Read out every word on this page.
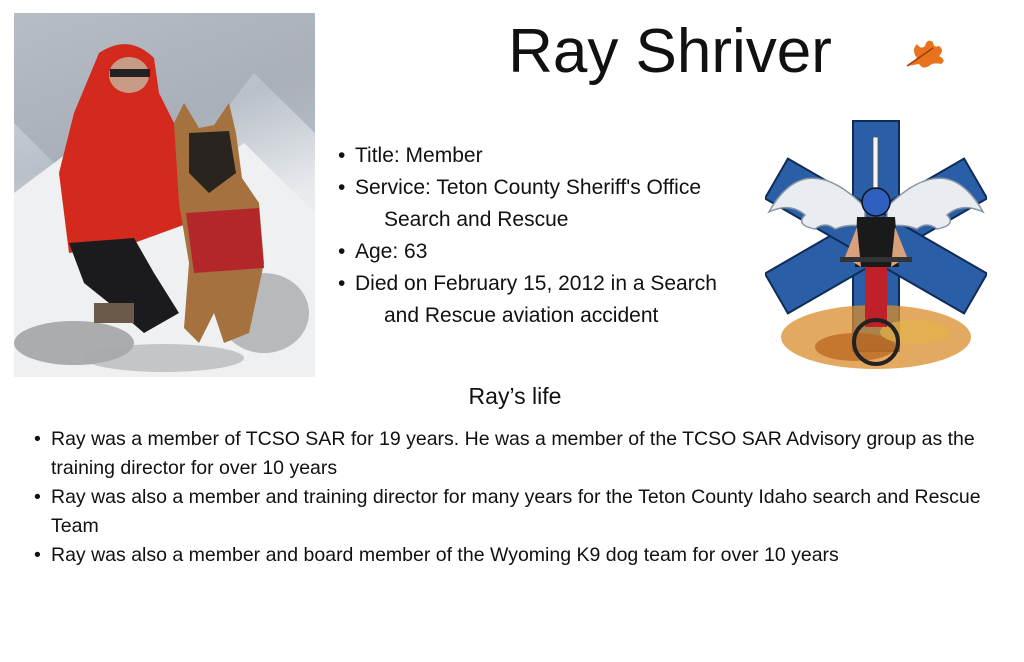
Ray Shriver
• Title: Member
• Service: Teton County Sheriff's Office
Search and Rescue
• Age: 63
• Died on February 15, 2012 in a Search
and Rescue aviation accident
Ray’s life
• Ray was a member of TCSO SAR for 19 years. He was a member of the TCSO SAR Advisory group as the training director for over 10 years
• Ray was also a member and training director for many years for the Teton County Idaho search and Rescue Team
• Ray was also a member and board member of the Wyoming K9 dog team for over 10 years
